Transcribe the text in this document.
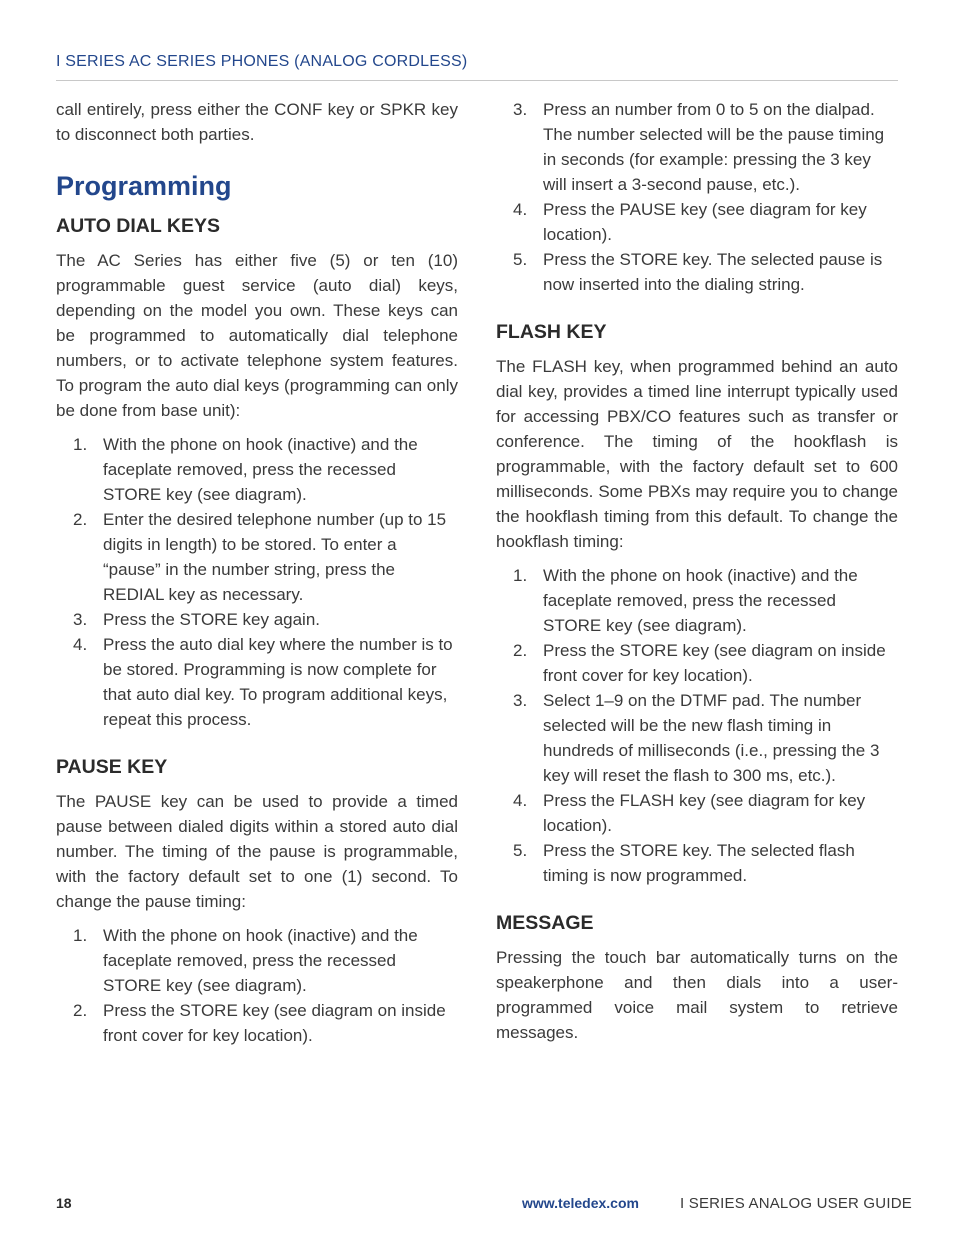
I SERIES AC SERIES PHONES (ANALOG CORDLESS)

call entirely, press either the CONF key or SPKR key to disconnect both parties.

Programming
AUTO DIAL KEYS

The AC Series has either five (5) or ten (10) programmable guest service (auto dial) keys, depending on the model you own. These keys can be programmed to automatically dial telephone numbers, or to activate telephone system features. To program the auto dial keys (programming can only be done from base unit):

1. With the phone on hook (inactive) and the faceplate removed, press the recessed STORE key (see diagram).
2. Enter the desired telephone number (up to 15 digits in length) to be stored. To enter a “pause” in the number string, press the REDIAL key as necessary.
3. Press the STORE key again.
4. Press the auto dial key where the number is to be stored. Programming is now complete for that auto dial key. To program additional keys, repeat this process.
PAUSE KEY

The PAUSE key can be used to provide a timed pause between dialed digits within a stored auto dial number. The timing of the pause is programmable, with the factory default set to one (1) second. To change the pause timing:

1. With the phone on hook (inactive) and the faceplate removed, press the recessed STORE key (see diagram).
2. Press the STORE key (see diagram on inside front cover for key location).
3. Press an number from 0 to 5 on the dialpad. The number selected will be the pause timing in seconds (for example: pressing the 3 key will insert a 3-second pause, etc.).
4. Press the PAUSE key (see diagram for key location).
5. Press the STORE key. The selected pause is now inserted into the dialing string.
FLASH KEY

The FLASH key, when programmed behind an auto dial key, provides a timed line interrupt typically used for accessing PBX/CO features such as transfer or conference. The timing of the hookflash is programmable, with the factory default set to 600 milliseconds. Some PBXs may require you to change the hookflash timing from this default. To change the hookflash timing:

1. With the phone on hook (inactive) and the faceplate removed, press the recessed STORE key (see diagram).
2. Press the STORE key (see diagram on inside front cover for key location).
3. Select 1–9 on the DTMF pad. The number selected will be the new flash timing in hundreds of milliseconds (i.e., pressing the 3 key will reset the flash to 300 ms, etc.).
4. Press the FLASH key (see diagram for key location).
5. Press the STORE key. The selected flash timing is now programmed.
MESSAGE

Pressing the touch bar automatically turns on the speakerphone and then dials into a user-programmed voice mail system to retrieve messages.

18	www.teledex.com	I SERIES ANALOG USER GUIDE
